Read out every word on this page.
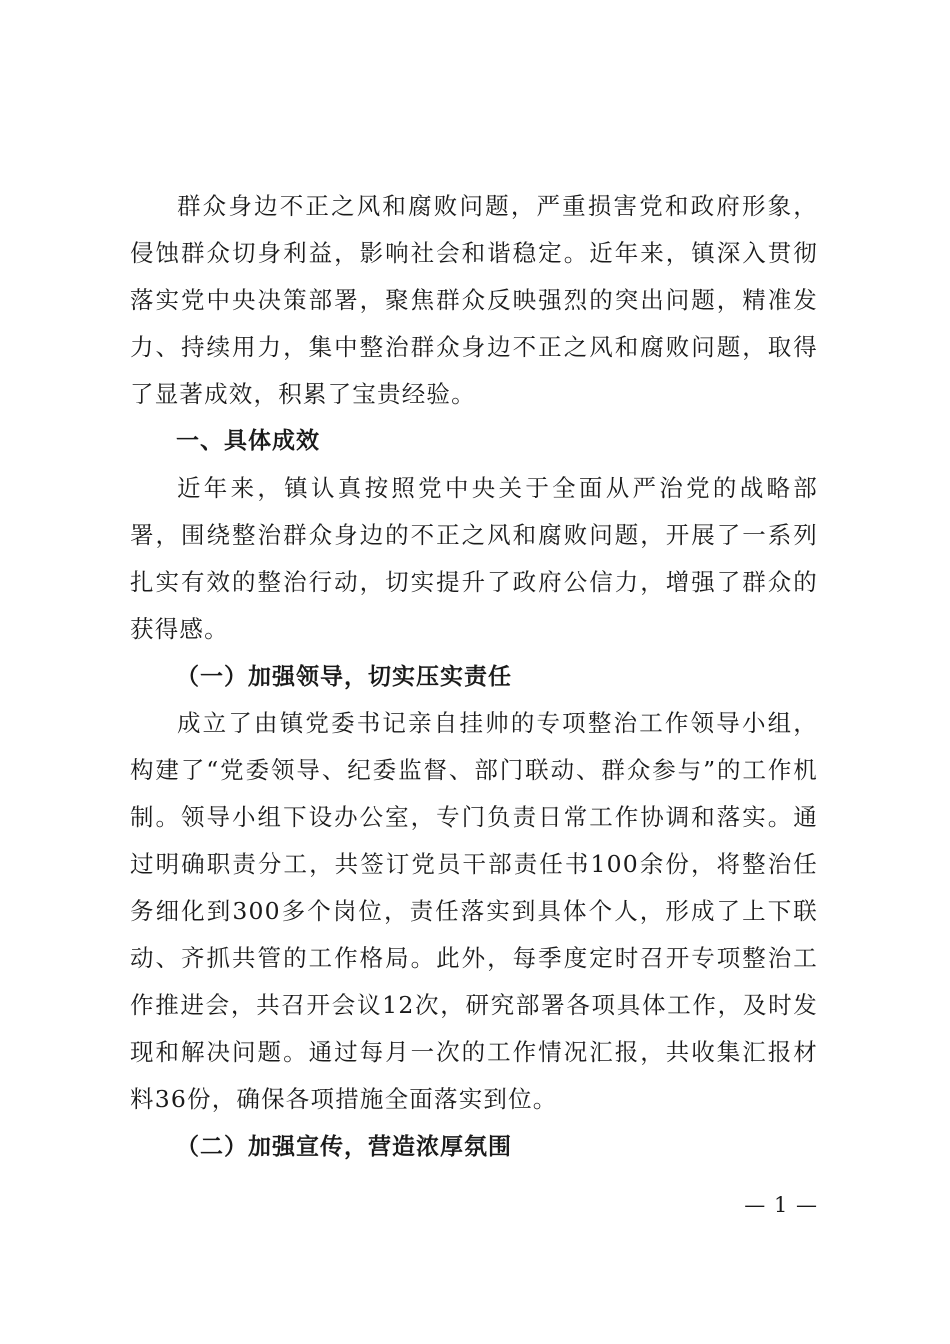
群众身边不正之风和腐败问题，严重损害党和政府形象，侵蚀群众切身利益，影响社会和谐稳定。近年来，镇深入贯彻落实党中央决策部署，聚焦群众反映强烈的突出问题，精准发力、持续用力，集中整治群众身边不正之风和腐败问题，取得了显著成效，积累了宝贵经验。

一、具体成效

近年来，镇认真按照党中央关于全面从严治党的战略部署，围绕整治群众身边的不正之风和腐败问题，开展了一系列扎实有效的整治行动，切实提升了政府公信力，增强了群众的获得感。

（一）加强领导，切实压实责任

成立了由镇党委书记亲自挂帅的专项整治工作领导小组，构建了“党委领导、纪委监督、部门联动、群众参与”的工作机制。领导小组下设办公室，专门负责日常工作协调和落实。通过明确职责分工，共签订党员干部责任书100余份，将整治任务细化到300多个岗位，责任落实到具体个人，形成了上下联动、齐抓共管的工作格局。此外，每季度定时召开专项整治工作推进会，共召开会议12次，研究部署各项具体工作，及时发现和解决问题。通过每月一次的工作情况汇报，共收集汇报材料36份，确保各项措施全面落实到位。

（二）加强宣传，营造浓厚氛围

— 1 —
